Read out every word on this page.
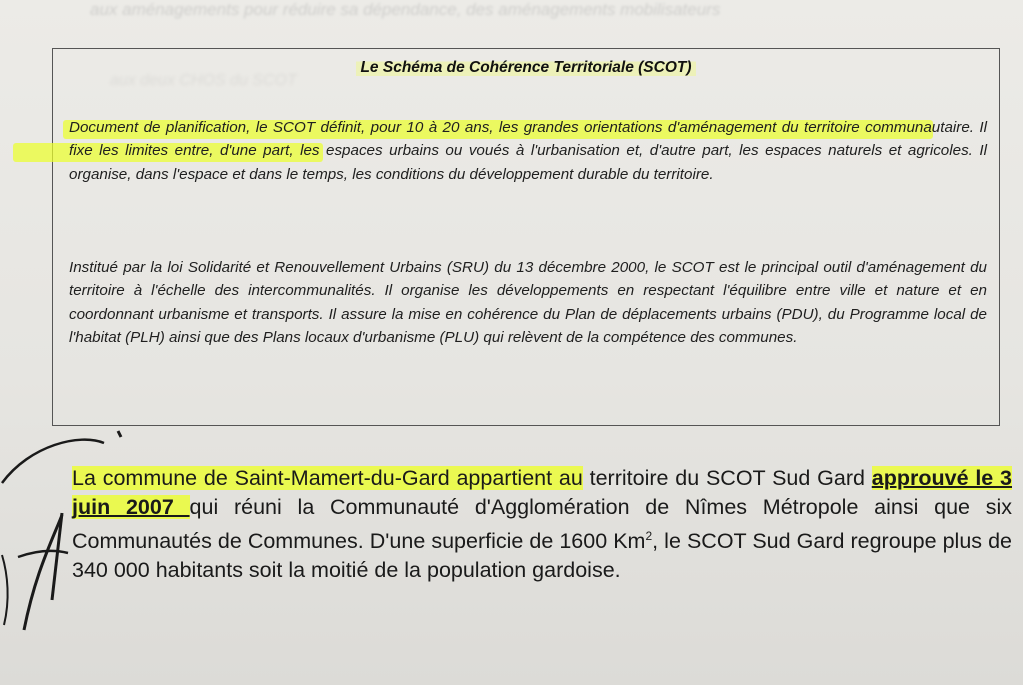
aux aménagements pour réduire sa dépendance, des aménagements mobilisateurs
aux deux CHOS du SCOT
Le Schéma de Cohérence Territoriale (SCOT)
Document de planification, le SCOT définit, pour 10 à 20 ans, les grandes orientations d'aménagement du territoire communautaire. Il fixe les limites entre, d'une part, les espaces urbains ou voués à l'urbanisation et, d'autre part, les espaces naturels et agricoles. Il organise, dans l'espace et dans le temps, les conditions du développement durable du territoire.
Institué par la loi Solidarité et Renouvellement Urbains (SRU) du 13 décembre 2000, le SCOT est le principal outil d'aménagement du territoire à l'échelle des intercommunalités. Il organise les développements en respectant l'équilibre entre ville et nature et en coordonnant urbanisme et transports. Il assure la mise en cohérence du Plan de déplacements urbains (PDU), du Programme local de l'habitat (PLH) ainsi que des Plans locaux d'urbanisme (PLU) qui relèvent de la compétence des communes.
La commune de Saint-Mamert-du-Gard appartient au territoire du SCOT Sud Gard approuvé le 3 juin 2007 qui réuni la Communauté d'Agglomération de Nîmes Métropole ainsi que six Communautés de Communes. D'une superficie de 1600 Km$^2$, le SCOT Sud Gard regroupe plus de 340 000 habitants soit la moitié de la population gardoise.
